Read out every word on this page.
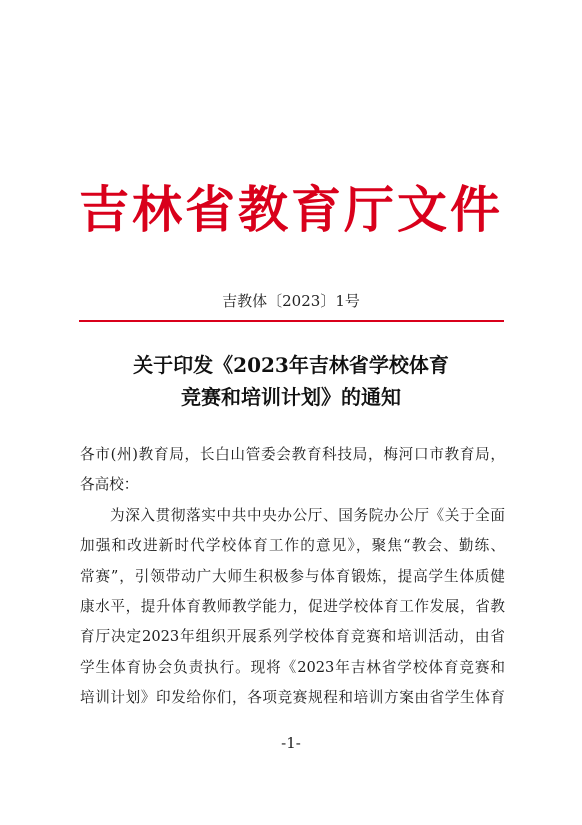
吉林省教育厅文件
吉教体〔2023〕1号
关于印发《2023年吉林省学校体育
竞赛和培训计划》的通知
各市(州)教育局，长白山管委会教育科技局，梅河口市教育局，
各高校：
为深入贯彻落实中共中央办公厅、国务院办公厅《关于全面
加强和改进新时代学校体育工作的意见》，聚焦“教会、勤练、
常赛”，引领带动广大师生积极参与体育锻炼，提高学生体质健
康水平，提升体育教师教学能力，促进学校体育工作发展，省教
育厅决定2023年组织开展系列学校体育竞赛和培训活动，由省
学生体育协会负责执行。现将《2023年吉林省学校体育竞赛和
培训计划》印发给你们，各项竞赛规程和培训方案由省学生体育
-1-
